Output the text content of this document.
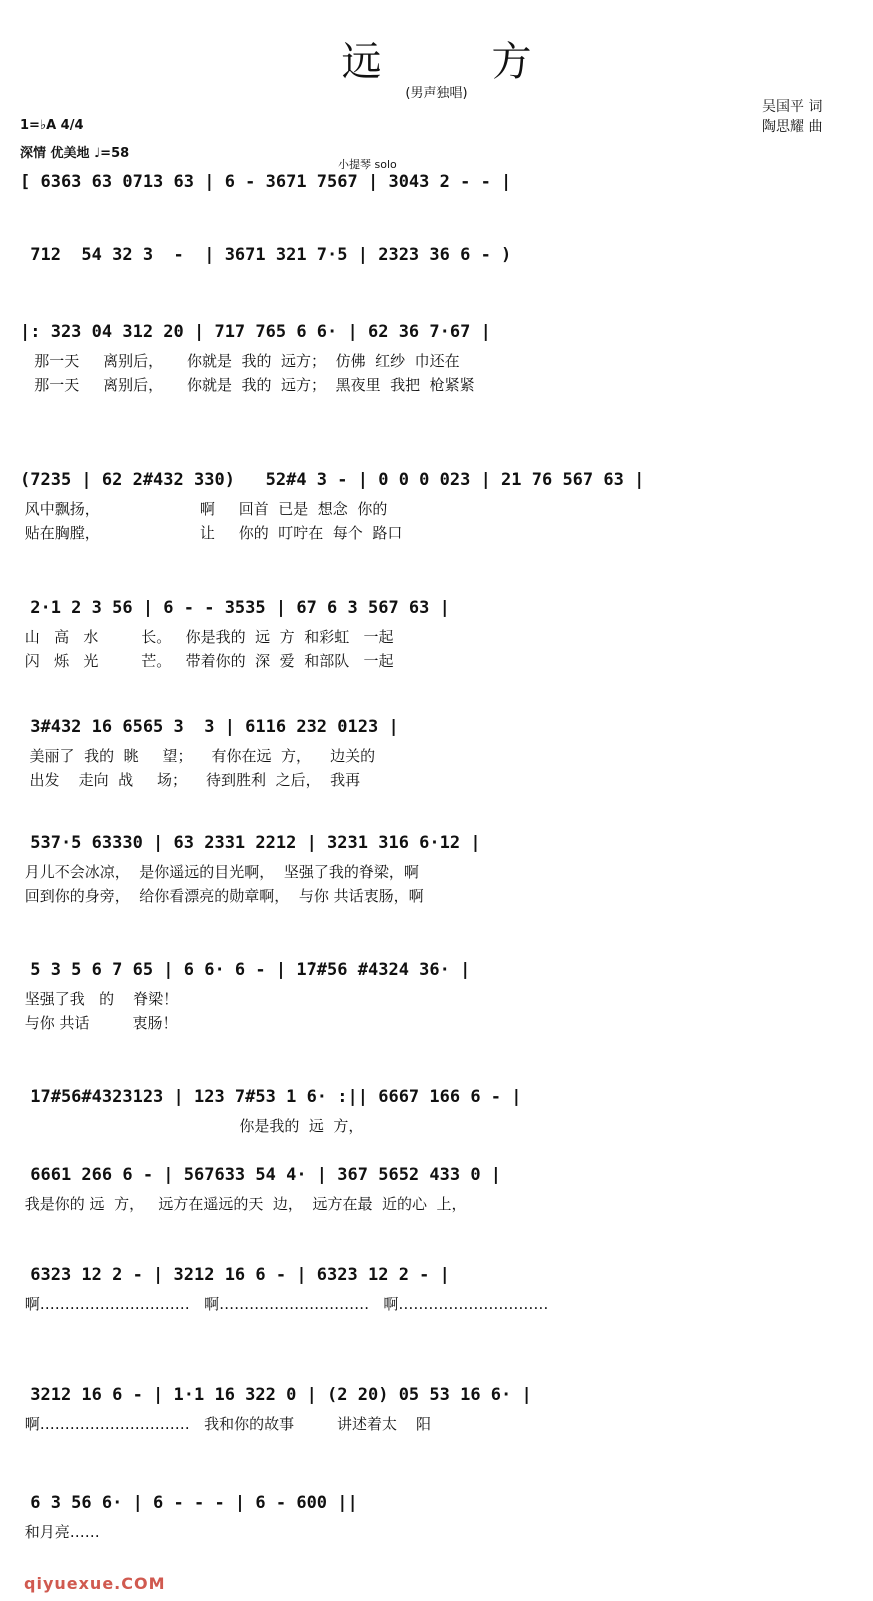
远方
(男声独唱)
吴国平 词
陶思耀 曲
1=♭A 4/4
深情 优美地 ♩=58
小提琴 solo
[ 6363 63 0713 63 | 6 - 3671 7567 | 3043 2 - - |
712  54 32 3  -  | 3671 321 7·5 | 2323 36 6 - )
|: 323 04 312 20 | 717 765 6 6· | 62 36 7·67 |
那一天     离别后，     你就是  我的  远方；  仿佛  红纱  巾还在
那一天     离别后，     你就是  我的  远方；  黑夜里  我把  枪紧紧
(7235 | 62 2#432 330)   52#4 3 - | 0 0 0 023 | 21 76 567 63 |
风中飘扬，                     啊     回首  已是  想念  你的
贴在胸膛，                     让     你的  叮咛在  每个  路口
2·1 2 3 56 | 6 - - 3535 | 67 6 3 567 63 |
山   高   水         长。   你是我的  远  方  和彩虹   一起
闪   烁   光         芒。   带着你的  深  爱  和部队   一起
3#432 16 6565 3  3 | 6116 232 0123 |
美丽了  我的  眺     望；    有你在远  方，    边关的
出发    走向  战     场；    待到胜利  之后，  我再
537·5 63330 | 63 2331 2212 | 3231 316 6·12 |
月儿不会冰凉，  是你遥远的目光啊，  坚强了我的脊梁，啊
回到你的身旁，  给你看漂亮的勋章啊，  与你 共话衷肠，啊
5 3 5 6 7 65 | 6 6· 6 - | 1̇7#56 #4324 36· |
坚强了我   的    脊梁！
与你 共话         衷肠！
17#56#4323123 | 123 7#53 1 6· :|| 6667 166 6 - |
你是我的  远  方，
6661 266 6 - | 567633 54 4· | 367 5652 433 0 |
我是你的 远  方，   远方在遥远的天  边，  远方在最  近的心  上，
6323 12 2 - | 3212 16 6 - | 6323 12 2 - |
啊…………………………   啊…………………………   啊…………………………
3212 16 6 - | 1·1 16 322 0 | (2 20) 05 53 16 6· |
啊…………………………   我和你的故事         讲述着太    阳
6 3 56 6· | 6 - - - | 6 - 600 ||
和月亮……
qiyuexue.COM
